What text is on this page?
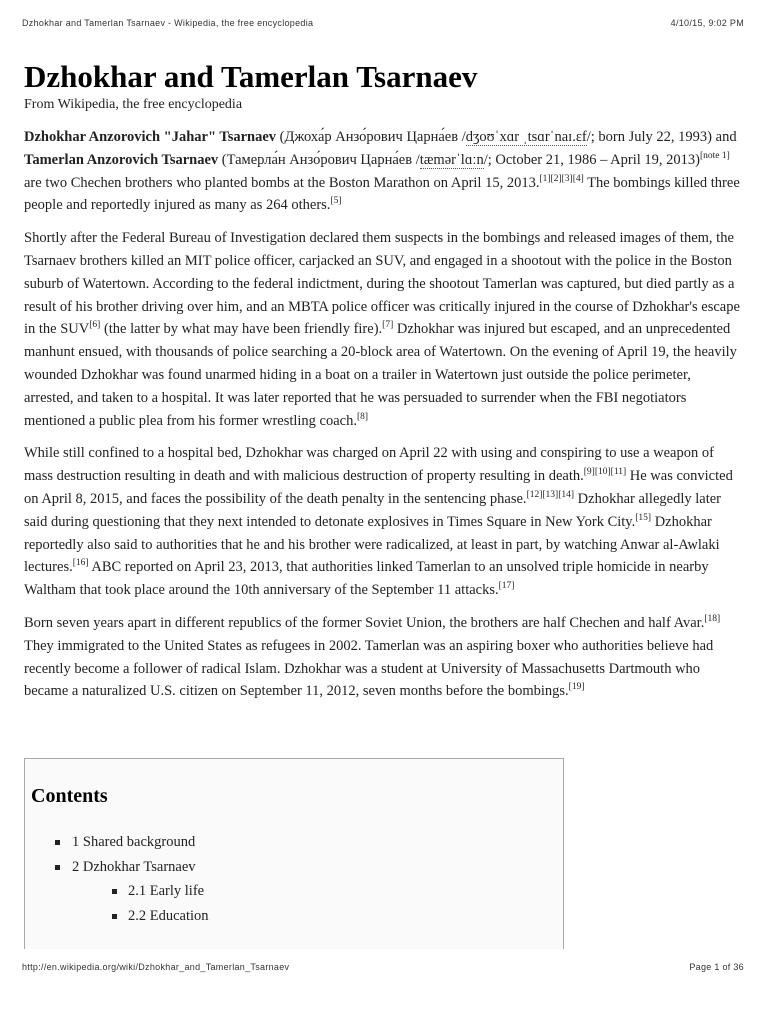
Dzhokhar and Tamerlan Tsarnaev - Wikipedia, the free encyclopedia	4/10/15, 9:02 PM
Dzhokhar and Tamerlan Tsarnaev
From Wikipedia, the free encyclopedia

Dzhokhar Anzorovich "Jahar" Tsarnaev (Джоха́р Анзо́рович Царна́ев /dʒoʊˈxɑr ˌtsɑrˈnaɪ.ɛf/; born July 22, 1993) and Tamerlan Anzorovich Tsarnaev (Тамерла́н Анзо́рович Царна́ев /tæmərˈlɑːn/; October 21, 1986 – April 19, 2013)[note 1] are two Chechen brothers who planted bombs at the Boston Marathon on April 15, 2013.[1][2][3][4] The bombings killed three people and reportedly injured as many as 264 others.[5]

Shortly after the Federal Bureau of Investigation declared them suspects in the bombings and released images of them, the Tsarnaev brothers killed an MIT police officer, carjacked an SUV, and engaged in a shootout with the police in the Boston suburb of Watertown. According to the federal indictment, during the shootout Tamerlan was captured, but died partly as a result of his brother driving over him, and an MBTA police officer was critically injured in the course of Dzhokhar's escape in the SUV[6] (the latter by what may have been friendly fire).[7] Dzhokhar was injured but escaped, and an unprecedented manhunt ensued, with thousands of police searching a 20-block area of Watertown. On the evening of April 19, the heavily wounded Dzhokhar was found unarmed hiding in a boat on a trailer in Watertown just outside the police perimeter, arrested, and taken to a hospital. It was later reported that he was persuaded to surrender when the FBI negotiators mentioned a public plea from his former wrestling coach.[8]

While still confined to a hospital bed, Dzhokhar was charged on April 22 with using and conspiring to use a weapon of mass destruction resulting in death and with malicious destruction of property resulting in death.[9][10][11] He was convicted on April 8, 2015, and faces the possibility of the death penalty in the sentencing phase.[12][13][14] Dzhokhar allegedly later said during questioning that they next intended to detonate explosives in Times Square in New York City.[15] Dzhokhar reportedly also said to authorities that he and his brother were radicalized, at least in part, by watching Anwar al-Awlaki lectures.[16] ABC reported on April 23, 2013, that authorities linked Tamerlan to an unsolved triple homicide in nearby Waltham that took place around the 10th anniversary of the September 11 attacks.[17]

Born seven years apart in different republics of the former Soviet Union, the brothers are half Chechen and half Avar.[18] They immigrated to the United States as refugees in 2002. Tamerlan was an aspiring boxer who authorities believe had recently become a follower of radical Islam. Dzhokhar was a student at University of Massachusetts Dartmouth who became a naturalized U.S. citizen on September 11, 2012, seven months before the bombings.[19]

Contents
1 Shared background
2 Dzhokhar Tsarnaev
2.1 Early life
2.2 Education
http://en.wikipedia.org/wiki/Dzhokhar_and_Tamerlan_Tsarnaev	Page 1 of 36
